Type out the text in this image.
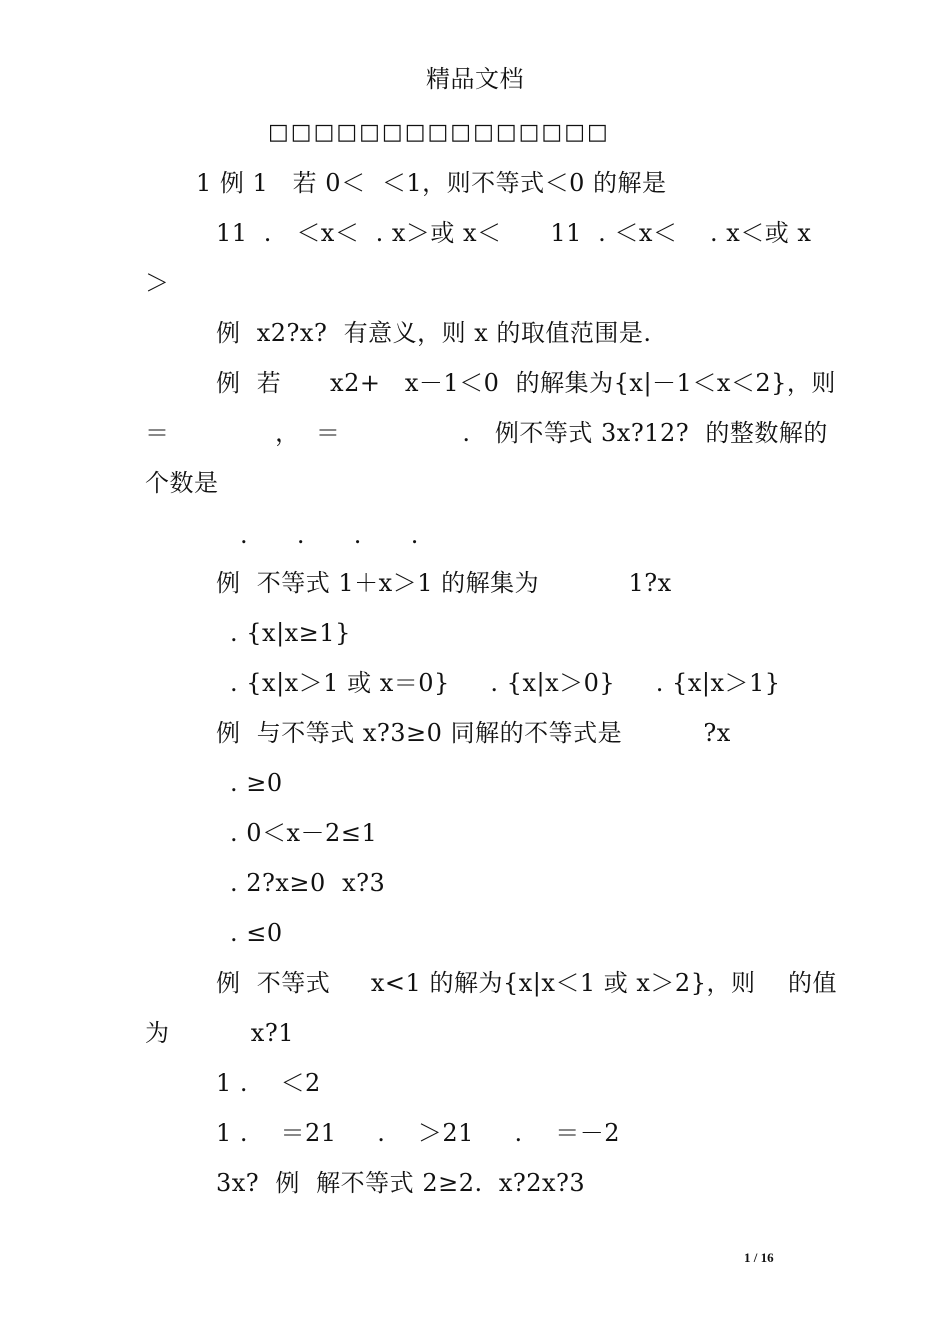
精品文档
□□□□□□□□□□□□□□□
1 例 1   若 0＜  ＜1，则不等式＜0 的解是
11  .   ＜x＜  . x＞或 x＜      11  . ＜x＜    . x＜或 x
＞
例  x2?x?  有意义，则 x 的取值范围是.
例  若      x2+   x－1＜0  的解集为{x|－1＜x＜2}，则
＝             ，  ＝               .   例不等式 3x?12?  的整数解的
个数是
.      .      .      .
例  不等式 1＋x＞1 的解集为           1?x
. {x|x≥1}
. {x|x＞1 或 x＝0}     . {x|x＞0}     . {x|x＞1}
例  与不等式 x?3≥0 同解的不等式是          ?x
. ≥0
. 0＜x－2≤1
. 2?x≥0  x?3
. ≤0
例  不等式     x<1 的解为{x|x＜1 或 x＞2}，则    的值
为          x?1
1 .    ＜2
1 .    ＝21     .    ＞21     .    ＝－2
3x?  例  解不等式 2≥2.  x?2x?3
1 / 16
